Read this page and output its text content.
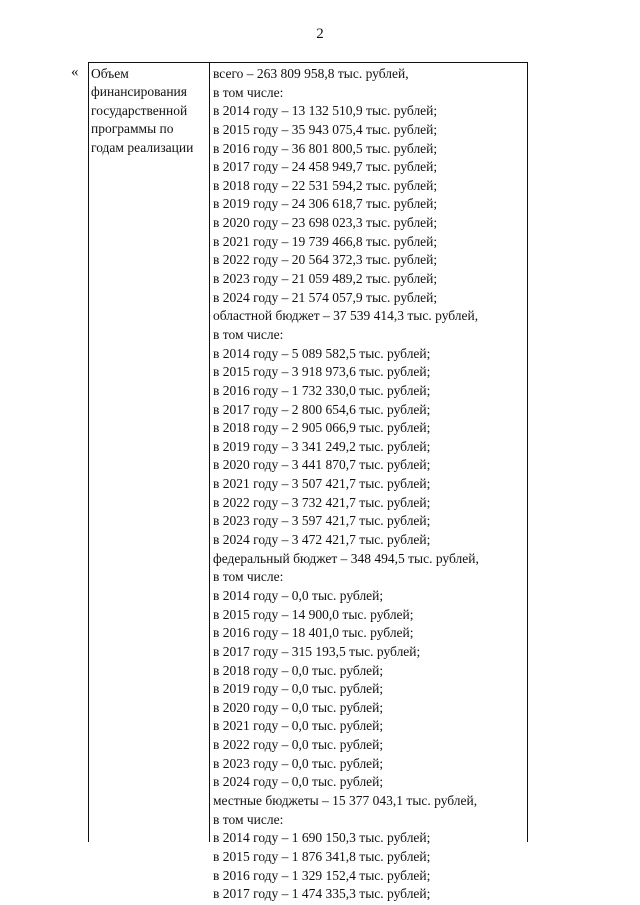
2
« Объем
финансирования
государственной
программы по
годам реализации
всего – 263 809 958,8 тыс. рублей,
в том числе:
в 2014 году – 13 132 510,9 тыс. рублей;
в 2015 году – 35 943 075,4 тыс. рублей;
в 2016 году – 36 801 800,5 тыс. рублей;
в 2017 году – 24 458 949,7 тыс. рублей;
в 2018 году – 22 531 594,2 тыс. рублей;
в 2019 году – 24 306 618,7 тыс. рублей;
в 2020 году – 23 698 023,3 тыс. рублей;
в 2021 году – 19 739 466,8 тыс. рублей;
в 2022 году – 20 564 372,3 тыс. рублей;
в 2023 году – 21 059 489,2 тыс. рублей;
в 2024 году – 21 574 057,9 тыс. рублей;
областной бюджет – 37 539 414,3 тыс. рублей,
в том числе:
в 2014 году – 5 089 582,5 тыс. рублей;
в 2015 году – 3 918 973,6 тыс. рублей;
в 2016 году – 1 732 330,0 тыс. рублей;
в 2017 году – 2 800 654,6 тыс. рублей;
в 2018 году – 2 905 066,9 тыс. рублей;
в 2019 году – 3 341 249,2 тыс. рублей;
в 2020 году – 3 441 870,7 тыс. рублей;
в 2021 году – 3 507 421,7 тыс. рублей;
в 2022 году – 3 732 421,7 тыс. рублей;
в 2023 году – 3 597 421,7 тыс. рублей;
в 2024 году – 3 472 421,7 тыс. рублей;
федеральный бюджет – 348 494,5 тыс. рублей,
в том числе:
в 2014 году – 0,0 тыс. рублей;
в 2015 году – 14 900,0 тыс. рублей;
в 2016 году – 18 401,0 тыс. рублей;
в 2017 году – 315 193,5 тыс. рублей;
в 2018 году – 0,0 тыс. рублей;
в 2019 году – 0,0 тыс. рублей;
в 2020 году – 0,0 тыс. рублей;
в 2021 году – 0,0 тыс. рублей;
в 2022 году – 0,0 тыс. рублей;
в 2023 году – 0,0 тыс. рублей;
в 2024 году – 0,0 тыс. рублей;
местные бюджеты – 15 377 043,1 тыс. рублей,
в том числе:
в 2014 году – 1 690 150,3 тыс. рублей;
в 2015 году – 1 876 341,8 тыс. рублей;
в 2016 году – 1 329 152,4 тыс. рублей;
в 2017 году – 1 474 335,3 тыс. рублей;
